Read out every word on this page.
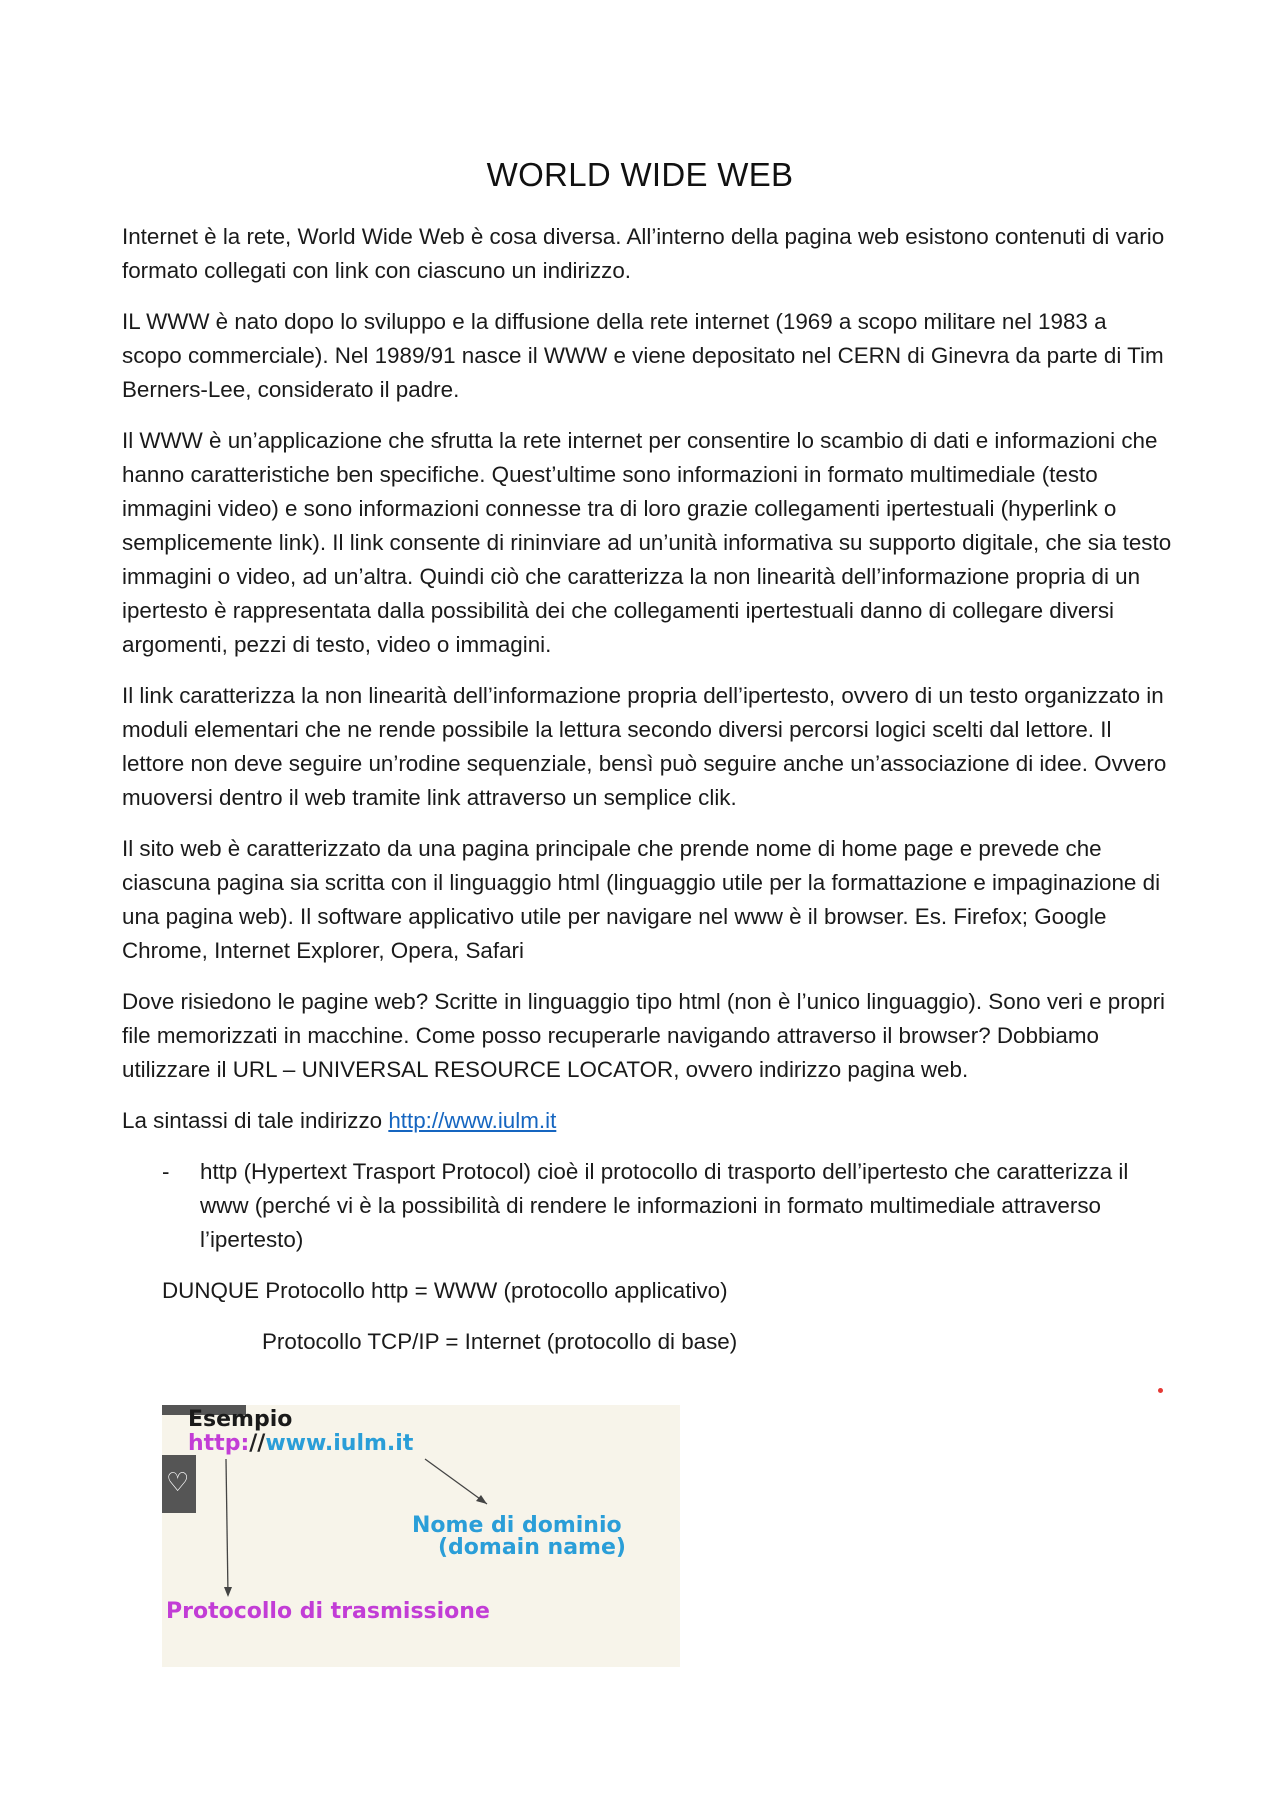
WORLD WIDE WEB

Internet è la rete, World Wide Web è cosa diversa. All’interno della pagina web esistono contenuti di vario formato collegati con link con ciascuno un indirizzo.

IL WWW è nato dopo lo sviluppo e la diffusione della rete internet (1969 a scopo militare nel 1983 a scopo commerciale). Nel 1989/91 nasce il WWW e viene depositato nel CERN di Ginevra da parte di Tim Berners-Lee, considerato il padre.

Il WWW è un’applicazione che sfrutta la rete internet per consentire lo scambio di dati e informazioni che hanno caratteristiche ben specifiche. Quest’ultime sono informazioni in formato multimediale (testo immagini video) e sono informazioni connesse tra di loro grazie collegamenti ipertestuali (hyperlink o semplicemente link). Il link consente di rininviare ad un’unità informativa su supporto digitale, che sia testo immagini o video, ad un’altra. Quindi ciò che caratterizza la non linearità dell’informazione propria di un ipertesto è rappresentata dalla possibilità dei che collegamenti ipertestuali danno di collegare diversi argomenti, pezzi di testo, video o immagini.

Il link caratterizza la non linearità dell’informazione propria dell’ipertesto, ovvero di un testo organizzato in moduli elementari che ne rende possibile la lettura secondo diversi percorsi logici scelti dal lettore. Il lettore non deve seguire un’rodine sequenziale, bensì può seguire anche un’associazione di idee. Ovvero muoversi dentro il web tramite link attraverso un semplice clik.

Il sito web è caratterizzato da una pagina principale che prende nome di home page e prevede che ciascuna pagina sia scritta con il linguaggio html (linguaggio utile per la formattazione e impaginazione di una pagina web). Il software applicativo utile per navigare nel www è il browser. Es. Firefox; Google Chrome, Internet Explorer, Opera, Safari

Dove risiedono le pagine web? Scritte in linguaggio tipo html (non è l’unico linguaggio). Sono veri e propri file memorizzati in macchine. Come posso recuperarle navigando attraverso il browser? Dobbiamo utilizzare il URL – UNIVERSAL RESOURCE LOCATOR, ovvero indirizzo pagina web.

La sintassi di tale indirizzo http://www.iulm.it

- http (Hypertext Trasport Protocol) cioè il protocollo di trasporto dell’ipertesto che caratterizza il www (perché vi è la possibilità di rendere le informazioni in formato multimediale attraverso l’ipertesto)

DUNQUE Protocollo http = WWW (protocollo applicativo)

Protocollo TCP/IP = Internet (protocollo di base)

♡
Esempio
http://www.iulm.it
Nome di dominio
(domain name)
Protocollo di trasmissione
